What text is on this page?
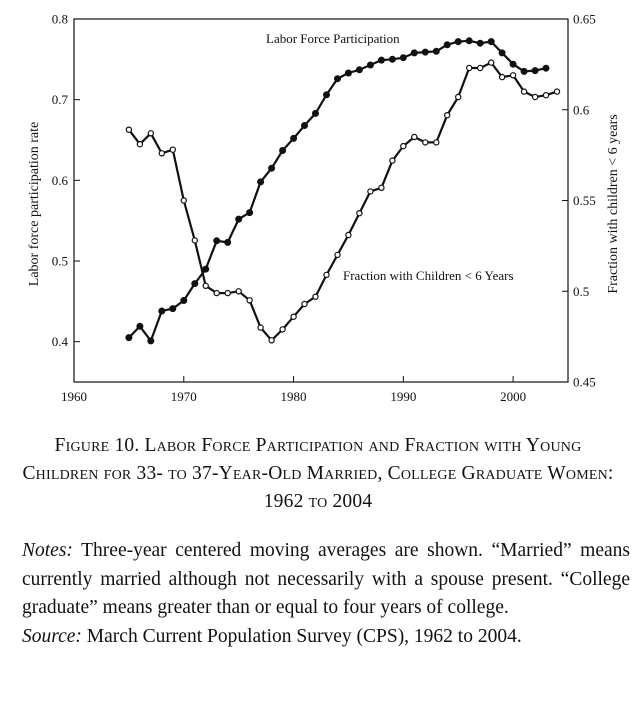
1960	1970	1980	1990	2000
0.4
0.5
0.6
0.7
0.8
0.45
0.5
0.55
0.6
0.65
Labor force participation rate	Fraction with children < 6 years
Labor Force Participation
Fraction with Children < 6 Years
Figure 10. Labor Force Participation and Fraction with Young Children for 33- to 37-Year-Old Married, College Graduate Women: 1962 to 2004

Notes: Three-year centered moving averages are shown. “Married” means currently married although not necessarily with a spouse present. “College graduate” means greater than or equal to four years of college.

Source: March Current Population Survey (CPS), 1962 to 2004.
